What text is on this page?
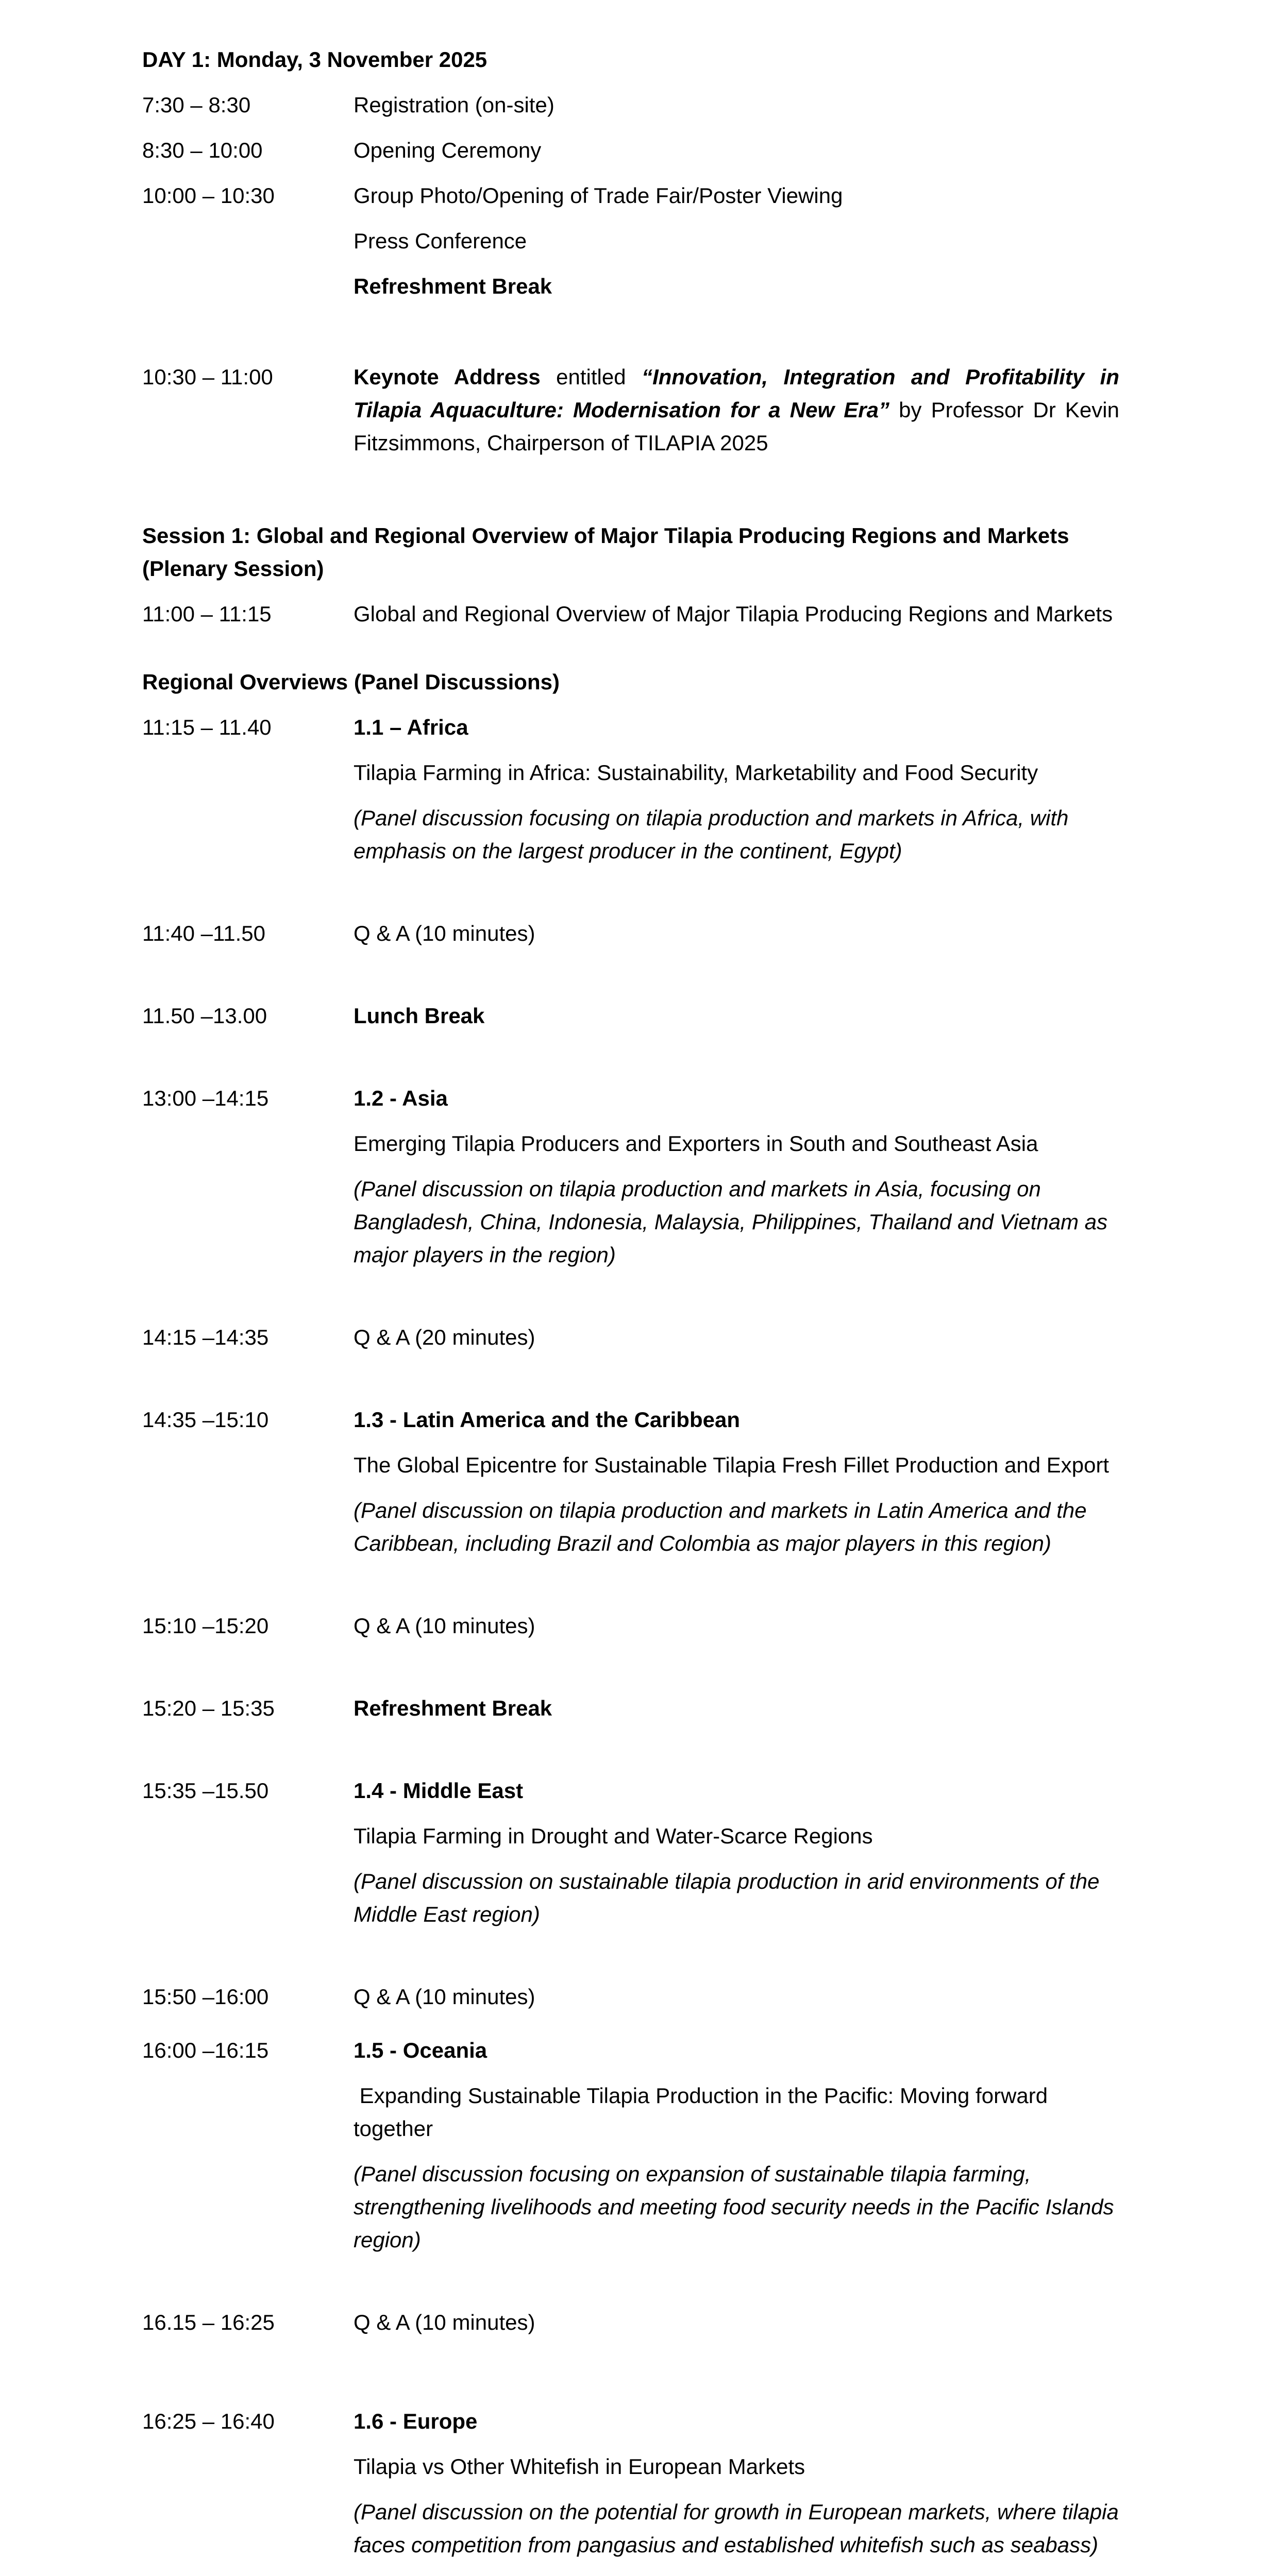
DAY 1: Monday, 3 November 2025
7:30 – 8:30	Registration (on-site)
8:30 – 10:00	Opening Ceremony
10:00 – 10:30	Group Photo/Opening of Trade Fair/Poster Viewing
Press Conference
Refreshment Break
10:30 – 11:00	Keynote Address entitled “Innovation, Integration and Profitability in Tilapia Aquaculture: Modernisation for a New Era” by Professor Dr Kevin Fitzsimmons, Chairperson of TILAPIA 2025
Session 1: Global and Regional Overview of Major Tilapia Producing Regions and Markets (Plenary Session)
11:00 – 11:15	Global and Regional Overview of Major Tilapia Producing Regions and Markets
Regional Overviews (Panel Discussions)
11:15 – 11.40	1.1 – Africa
Tilapia Farming in Africa: Sustainability, Marketability and Food Security
(Panel discussion focusing on tilapia production and markets in Africa, with emphasis on the largest producer in the continent, Egypt)
11:40 –11.50	Q & A (10 minutes)
11.50 –13.00	Lunch Break
13:00 –14:15	1.2 - Asia
Emerging Tilapia Producers and Exporters in South and Southeast Asia
(Panel discussion on tilapia production and markets in Asia, focusing on Bangladesh, China, Indonesia, Malaysia, Philippines, Thailand and Vietnam as major players in the region)
14:15 –14:35	Q & A (20 minutes)
14:35 –15:10	1.3 - Latin America and the Caribbean
The Global Epicentre for Sustainable Tilapia Fresh Fillet Production and Export
(Panel discussion on tilapia production and markets in Latin America and the Caribbean, including Brazil and Colombia as major players in this region)
15:10 –15:20	Q & A (10 minutes)
15:20 – 15:35	Refreshment Break
15:35 –15.50	1.4 - Middle East
Tilapia Farming in Drought and Water-Scarce Regions
(Panel discussion on sustainable tilapia production in arid environments of the Middle East region)
15:50 –16:00	Q & A (10 minutes)
16:00 –16:15	1.5 - Oceania
Expanding Sustainable Tilapia Production in the Pacific: Moving forward together
(Panel discussion focusing on expansion of sustainable tilapia farming, strengthening livelihoods and meeting food security needs in the Pacific Islands region)
16.15 – 16:25	Q & A (10 minutes)
16:25 – 16:40	1.6 - Europe
Tilapia vs Other Whitefish in European Markets
(Panel discussion on the potential for growth in European markets, where tilapia faces competition from pangasius and established whitefish such as seabass)
